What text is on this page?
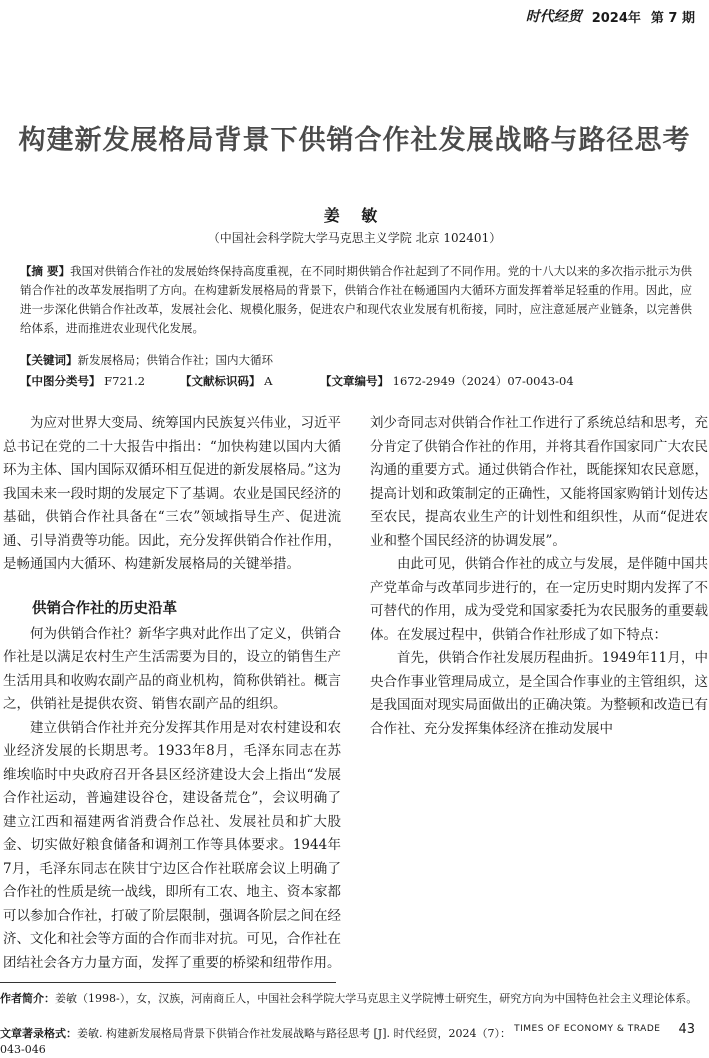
时代经贸 2024年 第 7 期
构建新发展格局背景下供销合作社发展战略与路径思考
姜 敏
（中国社会科学院大学马克思主义学院 北京 102401）
【摘 要】我国对供销合作社的发展始终保持高度重视，在不同时期供销合作社起到了不同作用。党的十八大以来的多次指示批示为供销合作社的改革发展指明了方向。在构建新发展格局的背景下，供销合作社在畅通国内大循环方面发挥着举足轻重的作用。因此，应进一步深化供销合作社改革，发展社会化、规模化服务，促进农户和现代农业发展有机衔接，同时，应注意延展产业链条，以完善供给体系，进而推进农业现代化发展。
【关键词】新发展格局；供销合作社；国内大循环
【中图分类号】 F721.2	【文献标识码】 A	【文章编号】 1672-2949（2024）07-0043-04

为应对世界大变局、统筹国内民族复兴伟业，习近平总书记在党的二十大报告中指出：“加快构建以国内大循环为主体、国内国际双循环相互促进的新发展格局。”这为我国未来一段时期的发展定下了基调。农业是国民经济的基础，供销合作社具备在“三农”领域指导生产、促进流通、引导消费等功能。因此，充分发挥供销合作社作用，是畅通国内大循环、构建新发展格局的关键举措。

供销合作社的历史沿革

何为供销合作社？新华字典对此作出了定义，供销合作社是以满足农村生产生活需要为目的，设立的销售生产生活用具和收购农副产品的商业机构，简称供销社。概言之，供销社是提供农资、销售农副产品的组织。

建立供销合作社并充分发挥其作用是对农村建设和农业经济发展的长期思考。1933年8月，毛泽东同志在苏维埃临时中央政府召开各县区经济建设大会上指出“发展合作社运动，普遍建设谷仓，建设备荒仓”，会议明确了建立江西和福建两省消费合作总社、发展社员和扩大股金、切实做好粮食储备和调剂工作等具体要求。1944年7月，毛泽东同志在陕甘宁边区合作社联席会议上明确了合作社的性质是统一战线，即所有工农、地主、资本家都可以参加合作社，打破了阶层限制，强调各阶层之间在经济、文化和社会等方面的合作而非对抗。可见，合作社在团结社会各方力量方面，发挥了重要的桥梁和纽带作用。

刘少奇同志对供销合作社工作进行了系统总结和思考，充分肯定了供销合作社的作用，并将其看作国家同广大农民沟通的重要方式。通过供销合作社，既能探知农民意愿，提高计划和政策制定的正确性，又能将国家购销计划传达至农民，提高农业生产的计划性和组织性，从而“促进农业和整个国民经济的协调发展”。

由此可见，供销合作社的成立与发展，是伴随中国共产党革命与改革同步进行的，在一定历史时期内发挥了不可替代的作用，成为受党和国家委托为农民服务的重要载体。在发展过程中，供销合作社形成了如下特点：

首先，供销合作社发展历程曲折。1949年11月，中央合作事业管理局成立，是全国合作事业的主管组织，这是我国面对现实局面做出的正确决策。为整顿和改造已有合作社、充分发挥集体经济在推动发展中

作者简介：姜敏（1998-），女，汉族，河南商丘人，中国社会科学院大学马克思主义学院博士研究生，研究方向为中国特色社会主义理论体系。
文章著录格式：姜敏. 构建新发展格局背景下供销合作社发展战略与路径思考 [J]. 时代经贸，2024（7）：043-046
TIMES OF ECONOMY & TRADE 43
